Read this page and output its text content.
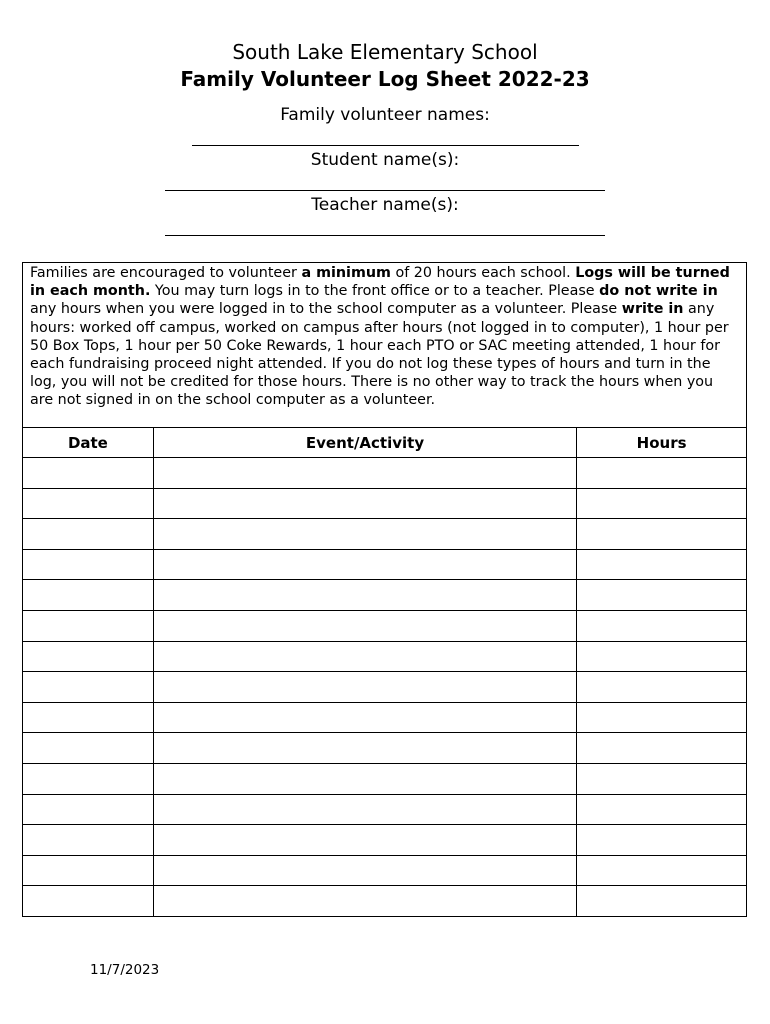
South Lake Elementary School
Family Volunteer Log Sheet 2022-23
Family volunteer names:
Student name(s):
Teacher name(s):
Families are encouraged to volunteer a minimum of 20 hours each school. Logs will be turned in each month. You may turn logs in to the front office or to a teacher. Please do not write in any hours when you were logged in to the school computer as a volunteer. Please write in any hours: worked off campus, worked on campus after hours (not logged in to computer), 1 hour per 50 Box Tops, 1 hour per 50 Coke Rewards, 1 hour each PTO or SAC meeting attended, 1 hour for each fundraising proceed night attended. If you do not log these types of hours and turn in the log, you will not be credited for those hours. There is no other way to track the hours when you are not signed in on the school computer as a volunteer.		
Date	Event/Activity	Hours

11/7/2023
